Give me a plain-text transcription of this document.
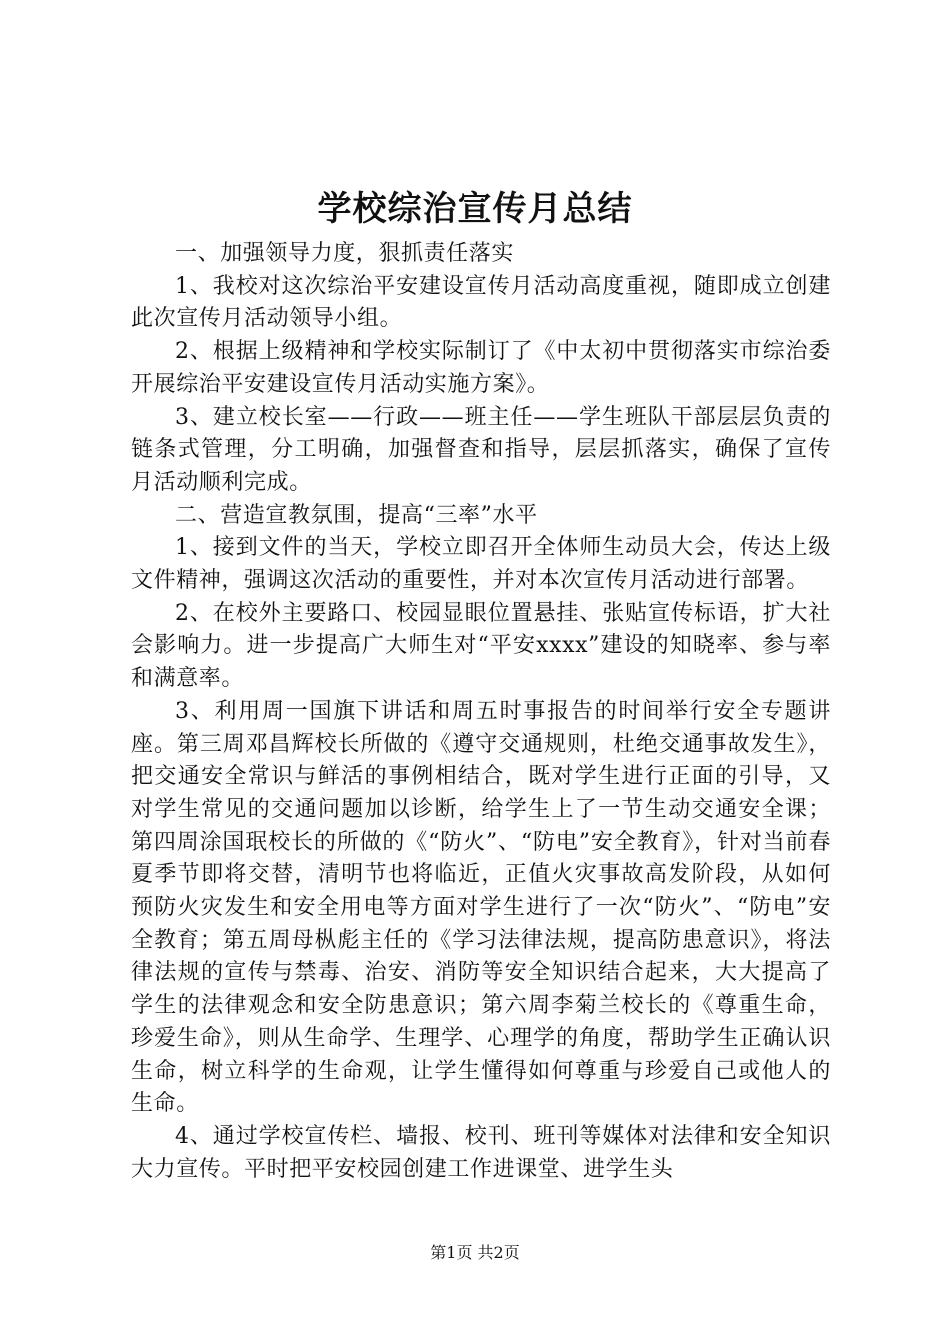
学校综治宣传月总结

一、加强领导力度，狠抓责任落实

1、我校对这次综治平安建设宣传月活动高度重视，随即成立创建此次宣传月活动领导小组。

2、根据上级精神和学校实际制订了《中太初中贯彻落实市综治委开展综治平安建设宣传月活动实施方案》。

3、建立校长室——行政——班主任——学生班队干部层层负责的链条式管理，分工明确，加强督查和指导，层层抓落实，确保了宣传月活动顺利完成。

二、营造宣教氛围，提高“三率”水平

1、接到文件的当天，学校立即召开全体师生动员大会，传达上级文件精神，强调这次活动的重要性，并对本次宣传月活动进行部署。

2、在校外主要路口、校园显眼位置悬挂、张贴宣传标语，扩大社会影响力。进一步提高广大师生对“平安xxxx”建设的知晓率、参与率和满意率。

3、利用周一国旗下讲话和周五时事报告的时间举行安全专题讲座。第三周邓昌辉校长所做的《遵守交通规则，杜绝交通事故发生》，把交通安全常识与鲜活的事例相结合，既对学生进行正面的引导，又对学生常见的交通问题加以诊断，给学生上了一节生动交通安全课；第四周涂国珉校长的所做的《“防火”、“防电”安全教育》，针对当前春夏季节即将交替，清明节也将临近，正值火灾事故高发阶段，从如何预防火灾发生和安全用电等方面对学生进行了一次“防火”、“防电”安全教育；第五周母枞彪主任的《学习法律法规，提高防患意识》，将法律法规的宣传与禁毒、治安、消防等安全知识结合起来，大大提高了学生的法律观念和安全防患意识；第六周李菊兰校长的《尊重生命，珍爱生命》，则从生命学、生理学、心理学的角度，帮助学生正确认识生命，树立科学的生命观，让学生懂得如何尊重与珍爱自己或他人的生命。

4、通过学校宣传栏、墙报、校刊、班刊等媒体对法律和安全知识大力宣传。平时把平安校园创建工作进课堂、进学生头

第1页 共2页
